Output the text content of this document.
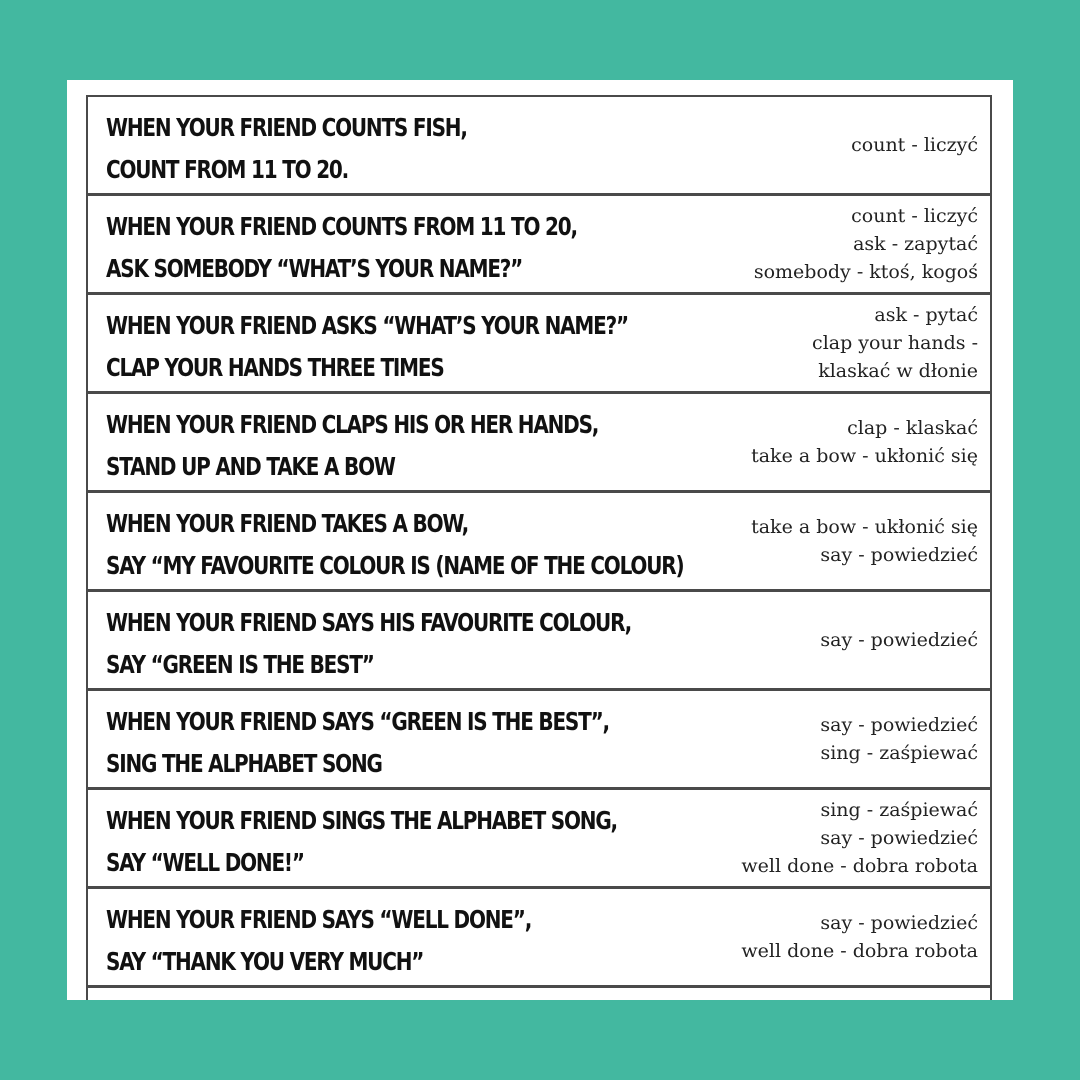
WHEN YOUR FRIEND COUNTS FISH,
COUNT FROM 11 TO 20.
count - liczyć
WHEN YOUR FRIEND COUNTS FROM 11 TO 20,
ASK SOMEBODY “WHAT’S YOUR NAME?”
count - liczyć
ask - zapytać
somebody - ktoś, kogoś
WHEN YOUR FRIEND ASKS “WHAT’S YOUR NAME?”
CLAP YOUR HANDS THREE TIMES
ask - pytać
clap your hands -
klaskać w dłonie
WHEN YOUR FRIEND CLAPS HIS OR HER HANDS,
STAND UP AND TAKE A BOW
clap - klaskać
take a bow - ukłonić się
WHEN YOUR FRIEND TAKES A BOW,
SAY “MY FAVOURITE COLOUR IS (NAME OF THE COLOUR)
take a bow - ukłonić się
say - powiedzieć
WHEN YOUR FRIEND SAYS HIS FAVOURITE COLOUR,
SAY “GREEN IS THE BEST”
say - powiedzieć
WHEN YOUR FRIEND SAYS “GREEN IS THE BEST”,
SING THE ALPHABET SONG
say - powiedzieć
sing - zaśpiewać
WHEN YOUR FRIEND SINGS THE ALPHABET SONG,
SAY “WELL DONE!”
sing - zaśpiewać
say - powiedzieć
well done - dobra robota
WHEN YOUR FRIEND SAYS “WELL DONE”,
SAY “THANK YOU VERY MUCH”
say - powiedzieć
well done - dobra robota
